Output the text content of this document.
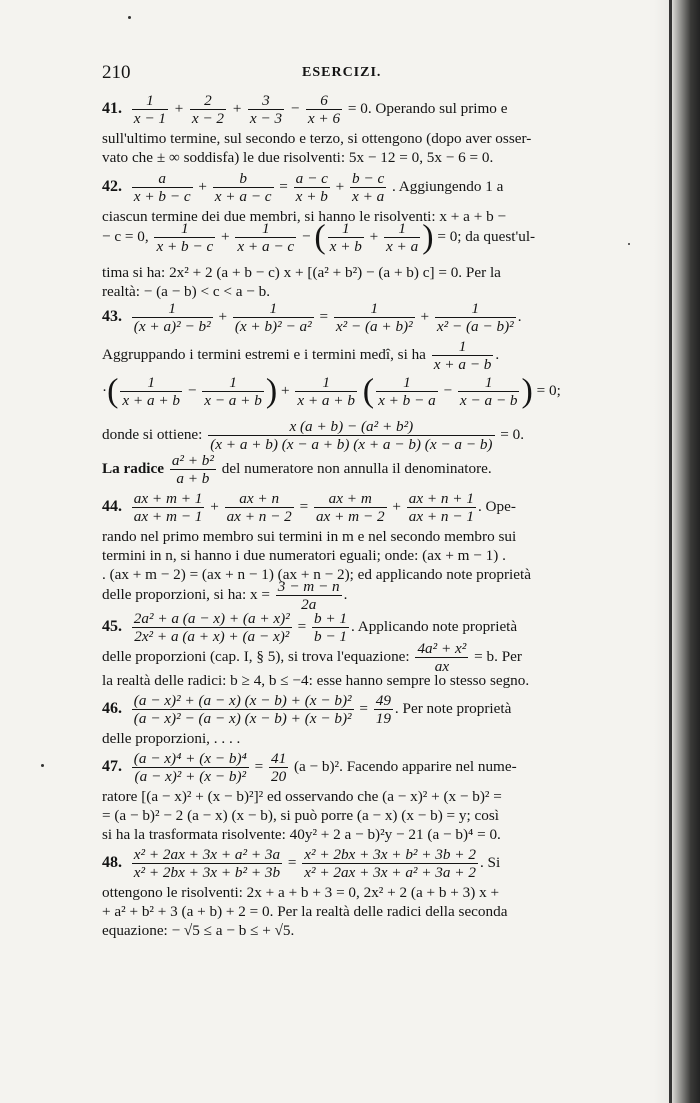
210	ESERCIZI.
41. $\frac{1}{x - 1} + \frac{2}{x - 2} + \frac{3}{x - 3} - \frac{6}{x + 6} = 0$. Operando sul primo e
sull'ultimo termine, sul secondo e terzo, si ottengono (dopo aver osser-
vato che ± ∞ soddisfa) le due risolventi: 5x − 12 = 0, 5x − 6 = 0.
42. $\frac{a}{x + b - c} + \frac{b}{x + a - c} = \frac{a - c}{x + b} + \frac{b - c}{x + a}$ . Aggiungendo 1 a
ciascun termine dei due membri, si hanno le risolventi: x + a + b −
− c = 0, $\frac{1}{x + b - c} + \frac{1}{x + a - c}$ − ( $\frac{1}{x + b} + \frac{1}{x + a}$ ) = 0; da quest'ul-
tima si ha: 2x² + 2 (a + b − c) x + [(a² + b²) − (a + b) c] = 0. Per la
realtà: − (a − b) < c < a − b.
43. $\frac{1}{\text{(x + a)² − b²}} + \frac{1}{\text{(x + b)² − a²}} = \frac{1}{\text{x² − (a + b)²}} + \frac{1}{\text{x² − (a − b)²}}$ .
Aggruppando i termini estremi e i termini medî, si ha $\frac{1}{x + a - b}$ .
·( $\frac{1}{x + a + b} - \frac{1}{x - a + b}$ ) + $\frac{1}{x + a + b}$ ( $\frac{1}{x + b - a} - \frac{1}{x - a - b}$ ) = 0;
donde si ottiene: $\frac{\text{x (a + b) − (a² + b²)}}{(x + a + b) (x - a + b) (x + a - b) (x - a - b)} = 0$.
La radice $\frac{\text{a² + b²}}{a + b}$ del numeratore non annulla il denominatore.
44. $\frac{ax + m + 1}{ax + m - 1} + \frac{ax + n}{ax + n - 2} = \frac{ax + m}{ax + m - 2} + \frac{ax + n + 1}{ax + n - 1}$ . Ope-
rando nel primo membro sui termini in m e nel secondo membro sui
termini in n, si hanno i due numeratori eguali; onde: (ax + m − 1) .
. (ax + m − 2) = (ax + n − 1) (ax + n − 2); ed applicando note proprietà
delle proporzioni, si ha: $x = \frac{3 - m - n}{2a}$ .
45. $\frac{\text{2a² + a (a − x) + (a + x)²}}{\text{2x² + a (a + x) + (a − x)²}} = \frac{b + 1}{b - 1}$ . Applicando note proprietà
delle proporzioni (cap. I, § 5), si trova l'equazione: $\frac{\text{4a² + x²}}{ax} = b$. Per
la realtà delle radici: b ≥ 4, b ≤ −4: esse hanno sempre lo stesso segno.
46. $\frac{\text{(a − x)² + (a − x) (x − b) + (x − b)²}}{\text{(a − x)² − (a − x) (x − b) + (x − b)²}} = \frac{49}{19}$ . Per note proprietà
delle proporzioni, . . . .
47. $\frac{\text{(a − x)⁴ + (x − b)⁴}}{\text{(a − x)² + (x − b)²}} = \frac{41}{20} (a - b)^2$. Facendo apparire nel nume-
ratore [(a − x)² + (x − b)²]² ed osservando che (a − x)² + (x − b)² =
= (a − b)² − 2 (a − x) (x − b), si può porre (a − x) (x − b) = y; così
si ha la trasformata risolvente: 40y² + 2 a − b)²y − 21 (a − b)⁴ = 0.
48. $\frac{\text{x² + 2ax + 3x + a² + 3a}}{\text{x² + 2bx + 3x + b² + 3b}} = \frac{\text{x² + 2bx + 3x + b² + 3b + 2}}{\text{x² + 2ax + 3x + a² + 3a + 2}}$ . Si
ottengono le risolventi: 2x + a + b + 3 = 0, 2x² + 2 (a + b + 3) x +
+ a² + b² + 3 (a + b) + 2 = 0. Per la realtà delle radici della seconda
equazione: − √5 ≤ a − b ≤ + √5.
